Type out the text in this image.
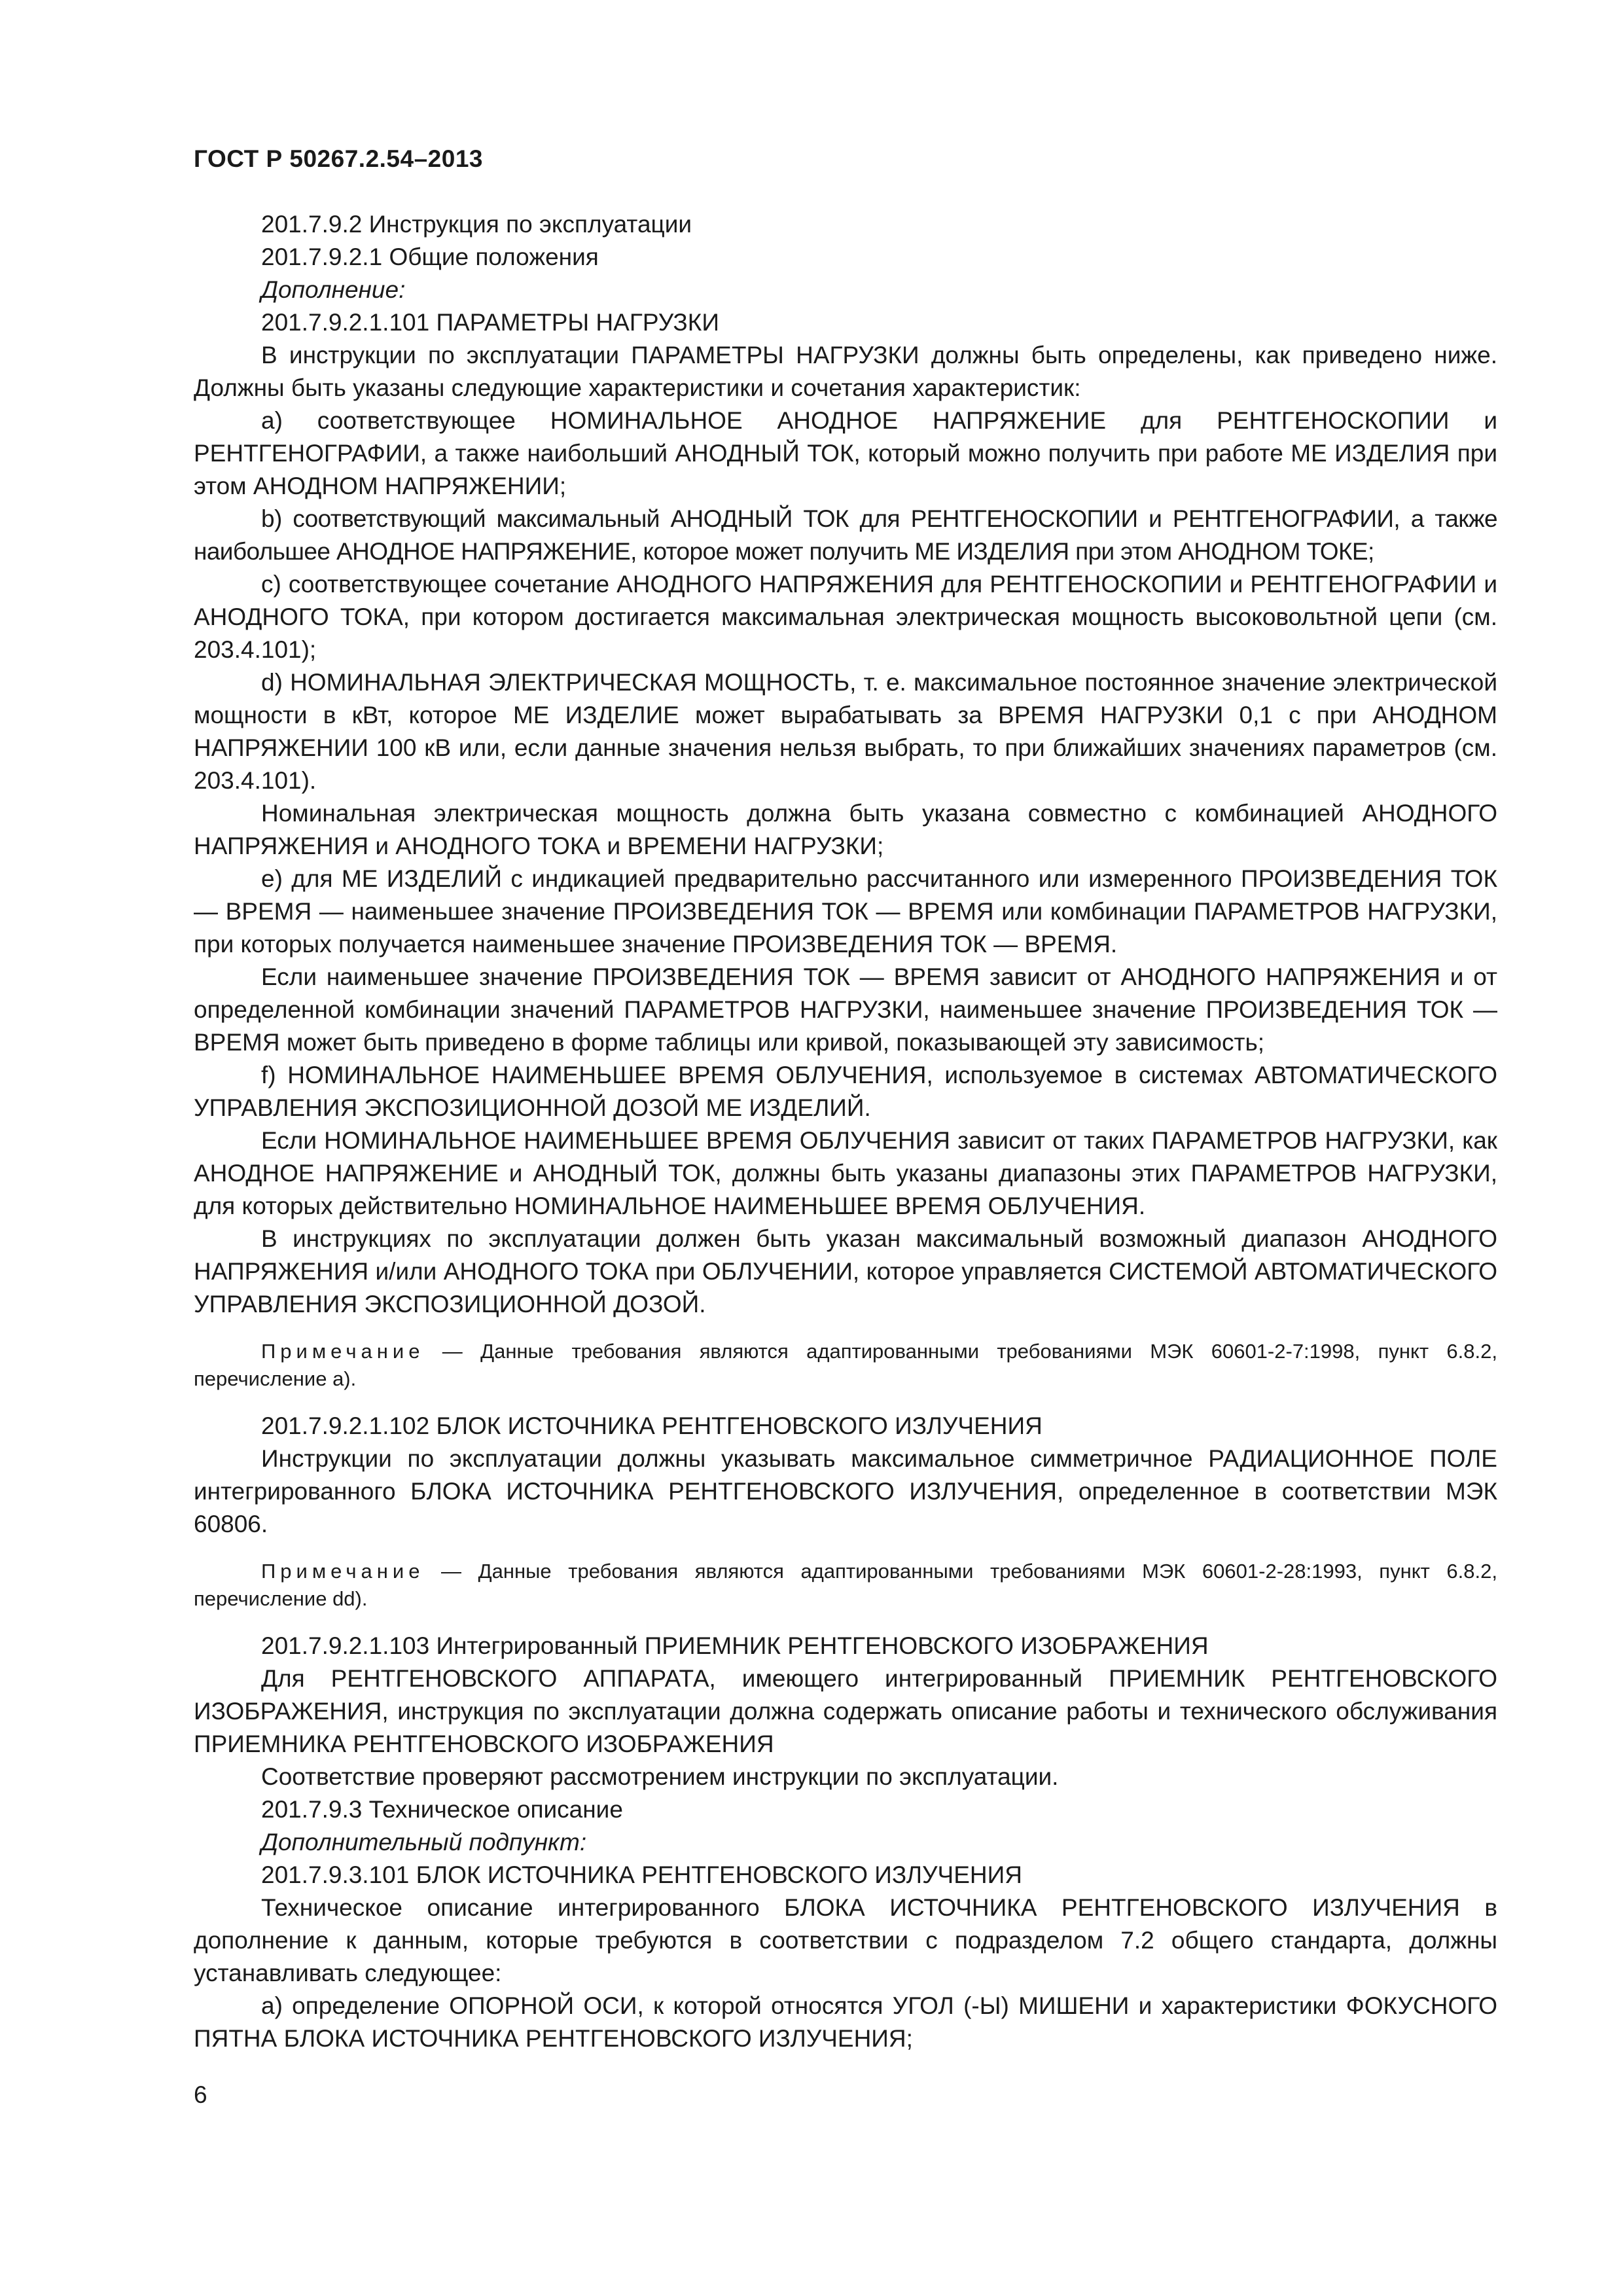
ГОСТ Р 50267.2.54–2013

201.7.9.2 Инструкция по эксплуатации

201.7.9.2.1 Общие положения

Дополнение:

201.7.9.2.1.101 ПАРАМЕТРЫ НАГРУЗКИ

В инструкции по эксплуатации ПАРАМЕТРЫ НАГРУЗКИ должны быть определены, как приведено ниже. Должны быть указаны следующие характеристики и сочетания характеристик:

a) соответствующее НОМИНАЛЬНОЕ АНОДНОЕ НАПРЯЖЕНИЕ для РЕНТГЕНОСКОПИИ и РЕНТГЕНОГРАФИИ, а также наибольший АНОДНЫЙ ТОК, который можно получить при работе МЕ ИЗДЕЛИЯ при этом АНОДНОМ НАПРЯЖЕНИИ;

b) соответствующий максимальный АНОДНЫЙ ТОК для РЕНТГЕНОСКОПИИ и РЕНТГЕНОГРАФИИ, а также наибольшее АНОДНОЕ НАПРЯЖЕНИЕ, которое может получить МЕ ИЗДЕЛИЯ при этом АНОДНОМ ТОКЕ;

c) соответствующее сочетание АНОДНОГО НАПРЯЖЕНИЯ для РЕНТГЕНОСКОПИИ и РЕНТГЕНОГРАФИИ и АНОДНОГО ТОКА, при котором достигается максимальная электрическая мощность высоковольтной цепи (см. 203.4.101);

d) НОМИНАЛЬНАЯ ЭЛЕКТРИЧЕСКАЯ МОЩНОСТЬ, т. е. максимальное постоянное значение электрической мощности в кВт, которое МЕ ИЗДЕЛИЕ может вырабатывать за ВРЕМЯ НАГРУЗКИ 0,1 с при АНОДНОМ НАПРЯЖЕНИИ 100 кВ или, если данные значения нельзя выбрать, то при ближайших значениях параметров (см. 203.4.101).

Номинальная электрическая мощность должна быть указана совместно с комбинацией АНОДНОГО НАПРЯЖЕНИЯ и АНОДНОГО ТОКА и ВРЕМЕНИ НАГРУЗКИ;

e) для МЕ ИЗДЕЛИЙ с индикацией предварительно рассчитанного или измеренного ПРОИЗВЕДЕНИЯ ТОК — ВРЕМЯ — наименьшее значение ПРОИЗВЕДЕНИЯ ТОК — ВРЕМЯ или комбинации ПАРАМЕТРОВ НАГРУЗКИ, при которых получается наименьшее значение ПРОИЗВЕДЕНИЯ ТОК — ВРЕМЯ.

Если наименьшее значение ПРОИЗВЕДЕНИЯ ТОК — ВРЕМЯ зависит от АНОДНОГО НАПРЯЖЕНИЯ и от определенной комбинации значений ПАРАМЕТРОВ НАГРУЗКИ, наименьшее значение ПРОИЗВЕДЕНИЯ ТОК — ВРЕМЯ может быть приведено в форме таблицы или кривой, показывающей эту зависимость;

f) НОМИНАЛЬНОЕ НАИМЕНЬШЕЕ ВРЕМЯ ОБЛУЧЕНИЯ, используемое в системах АВТОМАТИЧЕСКОГО УПРАВЛЕНИЯ ЭКСПОЗИЦИОННОЙ ДОЗОЙ МЕ ИЗДЕЛИЙ.

Если НОМИНАЛЬНОЕ НАИМЕНЬШЕЕ ВРЕМЯ ОБЛУЧЕНИЯ зависит от таких ПАРАМЕТРОВ НАГРУЗКИ, как АНОДНОЕ НАПРЯЖЕНИЕ и АНОДНЫЙ ТОК, должны быть указаны диапазоны этих ПАРАМЕТРОВ НАГРУЗКИ, для которых действительно НОМИНАЛЬНОЕ НАИМЕНЬШЕЕ ВРЕМЯ ОБЛУЧЕНИЯ.

В инструкциях по эксплуатации должен быть указан максимальный возможный диапазон АНОДНОГО НАПРЯЖЕНИЯ и/или АНОДНОГО ТОКА при ОБЛУЧЕНИИ, которое управляется СИСТЕМОЙ АВТОМАТИЧЕСКОГО УПРАВЛЕНИЯ ЭКСПОЗИЦИОННОЙ ДОЗОЙ.

Примечание — Данные требования являются адаптированными требованиями МЭК 60601-2-7:1998, пункт 6.8.2, перечисление а).

201.7.9.2.1.102 БЛОК ИСТОЧНИКА РЕНТГЕНОВСКОГО ИЗЛУЧЕНИЯ

Инструкции по эксплуатации должны указывать максимальное симметричное РАДИАЦИОННОЕ ПОЛЕ интегрированного БЛОКА ИСТОЧНИКА РЕНТГЕНОВСКОГО ИЗЛУЧЕНИЯ, определенное в соответствии МЭК 60806.

Примечание — Данные требования являются адаптированными требованиями МЭК 60601-2-28:1993, пункт 6.8.2, перечисление dd).

201.7.9.2.1.103 Интегрированный ПРИЕМНИК РЕНТГЕНОВСКОГО ИЗОБРАЖЕНИЯ

Для РЕНТГЕНОВСКОГО АППАРАТА, имеющего интегрированный ПРИЕМНИК РЕНТГЕНОВСКОГО ИЗОБРАЖЕНИЯ, инструкция по эксплуатации должна содержать описание работы и технического обслуживания ПРИЕМНИКА РЕНТГЕНОВСКОГО ИЗОБРАЖЕНИЯ

Соответствие проверяют рассмотрением инструкции по эксплуатации.

201.7.9.3 Техническое описание

Дополнительный подпункт:

201.7.9.3.101 БЛОК ИСТОЧНИКА РЕНТГЕНОВСКОГО ИЗЛУЧЕНИЯ

Техническое описание интегрированного БЛОКА ИСТОЧНИКА РЕНТГЕНОВСКОГО ИЗЛУЧЕНИЯ в дополнение к данным, которые требуются в соответствии с подразделом 7.2 общего стандарта, должны устанавливать следующее:

a) определение ОПОРНОЙ ОСИ, к которой относятся УГОЛ (-Ы) МИШЕНИ и характеристики ФОКУСНОГО ПЯТНА БЛОКА ИСТОЧНИКА РЕНТГЕНОВСКОГО ИЗЛУЧЕНИЯ;

6
